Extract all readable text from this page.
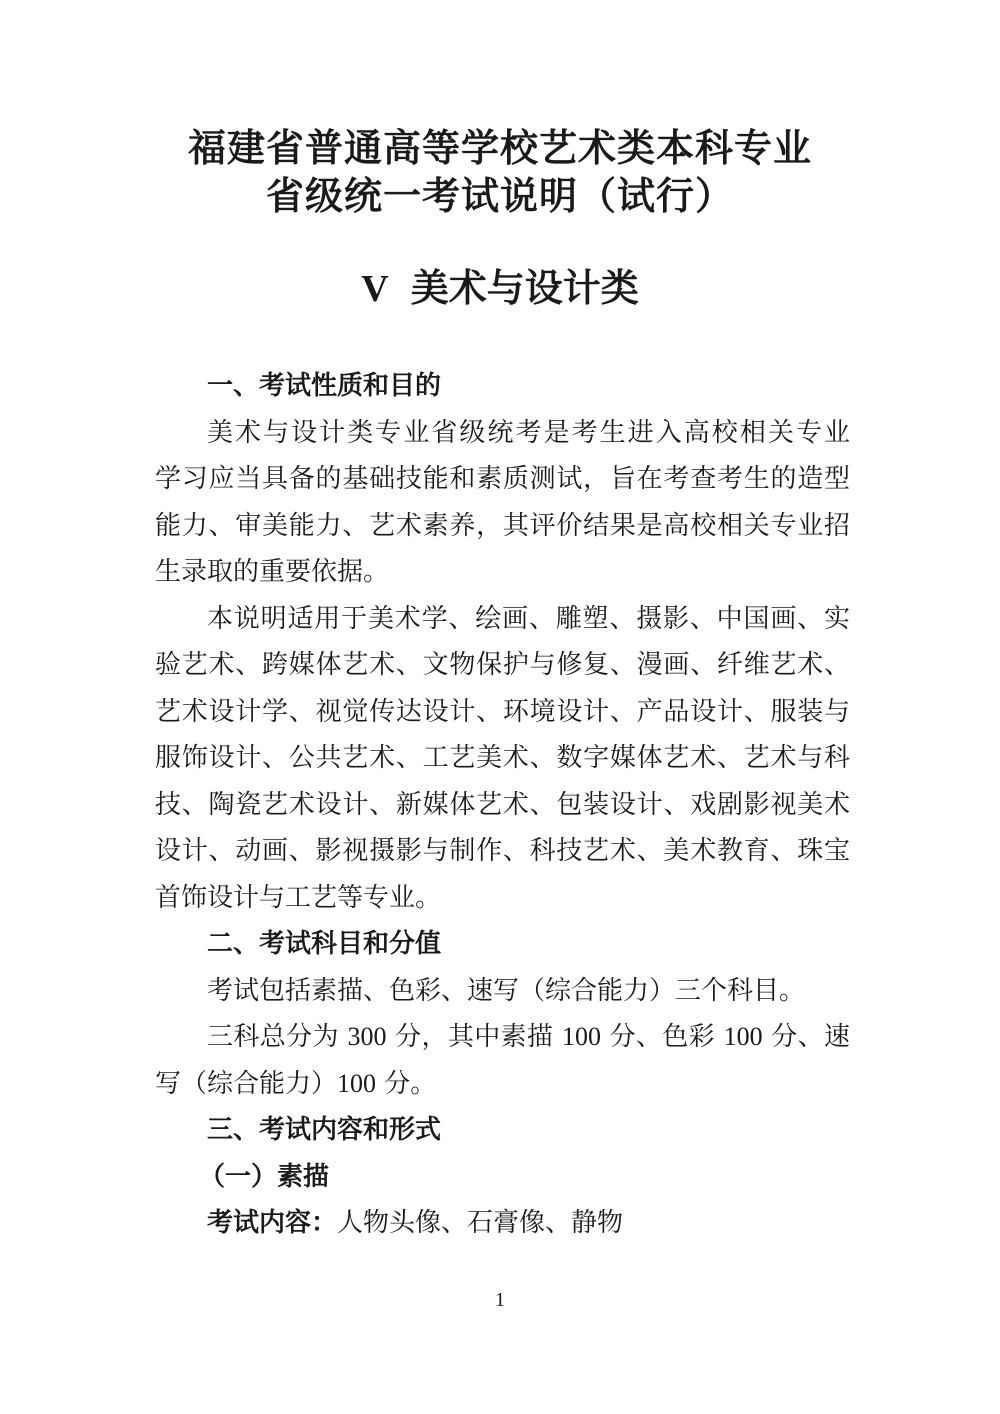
福建省普通高等学校艺术类本科专业
省级统一考试说明（试行）
V 美术与设计类
一、考试性质和目的
美术与设计类专业省级统考是考生进入高校相关专业
学习应当具备的基础技能和素质测试，旨在考查考生的造型
能力、审美能力、艺术素养，其评价结果是高校相关专业招
生录取的重要依据。
本说明适用于美术学、绘画、雕塑、摄影、中国画、实
验艺术、跨媒体艺术、文物保护与修复、漫画、纤维艺术、
艺术设计学、视觉传达设计、环境设计、产品设计、服装与
服饰设计、公共艺术、工艺美术、数字媒体艺术、艺术与科
技、陶瓷艺术设计、新媒体艺术、包装设计、戏剧影视美术
设计、动画、影视摄影与制作、科技艺术、美术教育、珠宝
首饰设计与工艺等专业。
二、考试科目和分值
考试包括素描、色彩、速写（综合能力）三个科目。
三科总分为 300 分，其中素描 100 分、色彩 100 分、速
写（综合能力）100 分。
三、考试内容和形式
（一）素描
考试内容：人物头像、石膏像、静物
1
